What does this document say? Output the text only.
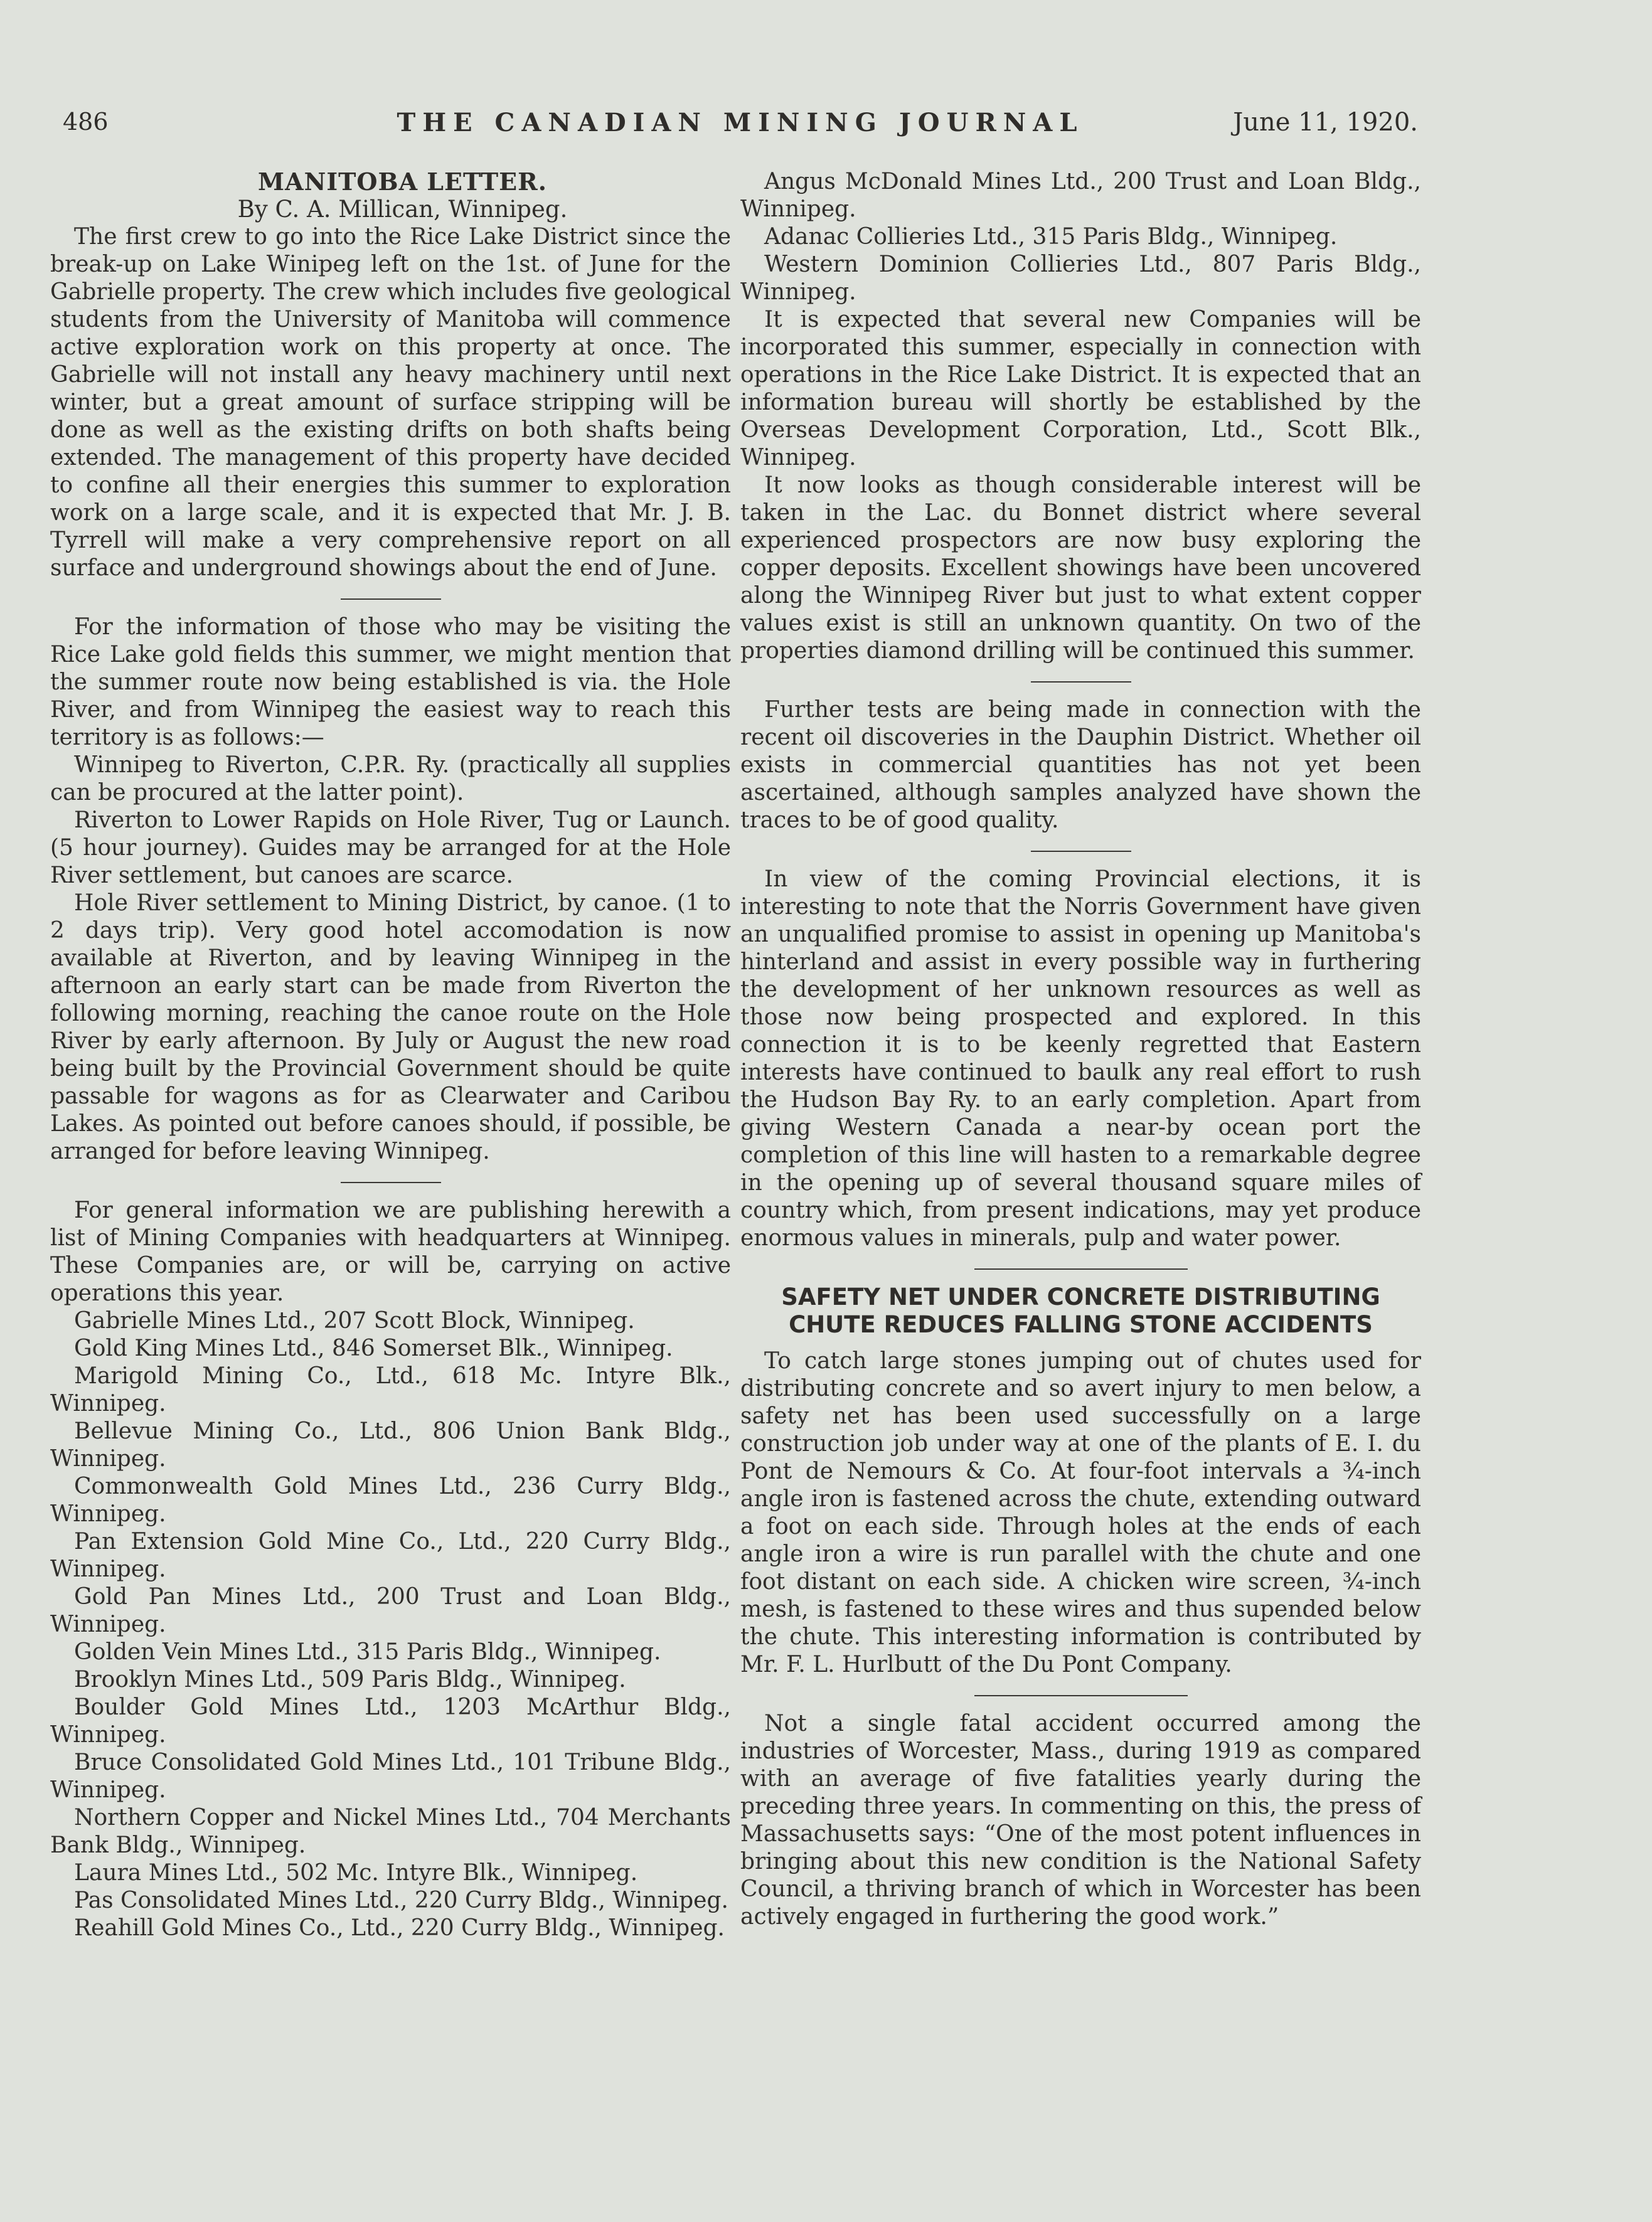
486	THE CANADIAN MINING JOURNAL	June 11, 1920.

MANITOBA LETTER.

By C. A. Millican, Winnipeg.

The first crew to go into the Rice Lake District since the break-up on Lake Winipeg left on the 1st. of June for the Gabrielle property. The crew which includes five geological students from the University of Manitoba will commence active exploration work on this property at once. The Gabrielle will not install any heavy machinery until next winter, but a great amount of surface stripping will be done as well as the existing drifts on both shafts being extended. The management of this property have decided to confine all their energies this summer to exploration work on a large scale, and it is expected that Mr. J. B. Tyrrell will make a very comprehensive report on all surface and underground showings about the end of June.

For the information of those who may be visiting the Rice Lake gold fields this summer, we might mention that the summer route now being established is via. the Hole River, and from Winnipeg the easiest way to reach this territory is as follows:—

Winnipeg to Riverton, C.P.R. Ry. (practically all supplies can be procured at the latter point).

Riverton to Lower Rapids on Hole River, Tug or Launch. (5 hour journey). Guides may be arranged for at the Hole River settlement, but canoes are scarce.

Hole River settlement to Mining District, by canoe. (1 to 2 days trip). Very good hotel accomodation is now available at Riverton, and by leaving Winnipeg in the afternoon an early start can be made from Riverton the following morning, reaching the canoe route on the Hole River by early afternoon. By July or August the new road being built by the Provincial Government should be quite passable for wagons as for as Clearwater and Caribou Lakes. As pointed out before canoes should, if possible, be arranged for before leaving Winnipeg.

For general information we are publishing herewith a list of Mining Companies with headquarters at Winnipeg. These Companies are, or will be, carrying on active operations this year.

Gabrielle Mines Ltd., 207 Scott Block, Winnipeg.

Gold King Mines Ltd., 846 Somerset Blk., Winnipeg.

Marigold Mining Co., Ltd., 618 Mc. Intyre Blk., Winnipeg.

Bellevue Mining Co., Ltd., 806 Union Bank Bldg., Winnipeg.

Commonwealth Gold Mines Ltd., 236 Curry Bldg., Winnipeg.

Pan Extension Gold Mine Co., Ltd., 220 Curry Bldg., Winnipeg.

Gold Pan Mines Ltd., 200 Trust and Loan Bldg., Winnipeg.

Golden Vein Mines Ltd., 315 Paris Bldg., Winnipeg.

Brooklyn Mines Ltd., 509 Paris Bldg., Winnipeg.

Boulder Gold Mines Ltd., 1203 McArthur Bldg., Winnipeg.

Bruce Consolidated Gold Mines Ltd., 101 Tribune Bldg., Winnipeg.

Northern Copper and Nickel Mines Ltd., 704 Merchants Bank Bldg., Winnipeg.

Laura Mines Ltd., 502 Mc. Intyre Blk., Winnipeg.

Pas Consolidated Mines Ltd., 220 Curry Bldg., Winnipeg.

Reahill Gold Mines Co., Ltd., 220 Curry Bldg., Winnipeg.

Angus McDonald Mines Ltd., 200 Trust and Loan Bldg., Winnipeg.

Adanac Collieries Ltd., 315 Paris Bldg., Winnipeg.

Western Dominion Collieries Ltd., 807 Paris Bldg., Winnipeg.

It is expected that several new Companies will be incorporated this summer, especially in connection with operations in the Rice Lake District. It is expected that an information bureau will shortly be established by the Overseas Development Corporation, Ltd., Scott Blk., Winnipeg.

It now looks as though considerable interest will be taken in the Lac. du Bonnet district where several experienced prospectors are now busy exploring the copper deposits. Excellent showings have been uncovered along the Winnipeg River but just to what extent copper values exist is still an unknown quantity. On two of the properties diamond drilling will be continued this summer.

Further tests are being made in connection with the recent oil discoveries in the Dauphin District. Whether oil exists in commercial quantities has not yet been ascertained, although samples analyzed have shown the traces to be of good quality.

In view of the coming Provincial elections, it is interesting to note that the Norris Government have given an unqualified promise to assist in opening up Manitoba's hinterland and assist in every possible way in furthering the development of her unknown resources as well as those now being prospected and explored. In this connection it is to be keenly regretted that Eastern interests have continued to baulk any real effort to rush the Hudson Bay Ry. to an early completion. Apart from giving Western Canada a near-by ocean port the completion of this line will hasten to a remarkable degree in the opening up of several thousand square miles of country which, from present indications, may yet produce enormous values in minerals, pulp and water power.

SAFETY NET UNDER CONCRETE DISTRIBUTING CHUTE REDUCES FALLING STONE ACCIDENTS

To catch large stones jumping out of chutes used for distributing concrete and so avert injury to men below, a safety net has been used successfully on a large construction job under way at one of the plants of E. I. du Pont de Nemours & Co. At four-foot intervals a ¾-inch angle iron is fastened across the chute, extending outward a foot on each side. Through holes at the ends of each angle iron a wire is run parallel with the chute and one foot distant on each side. A chicken wire screen, ¾-inch mesh, is fastened to these wires and thus supended below the chute. This interesting information is contributed by Mr. F. L. Hurlbutt of the Du Pont Company.

Not a single fatal accident occurred among the industries of Worcester, Mass., during 1919 as compared with an average of five fatalities yearly during the preceding three years. In commenting on this, the press of Massachusetts says: “One of the most potent influences in bringing about this new condition is the National Safety Council, a thriving branch of which in Worcester has been actively engaged in furthering the good work.”
